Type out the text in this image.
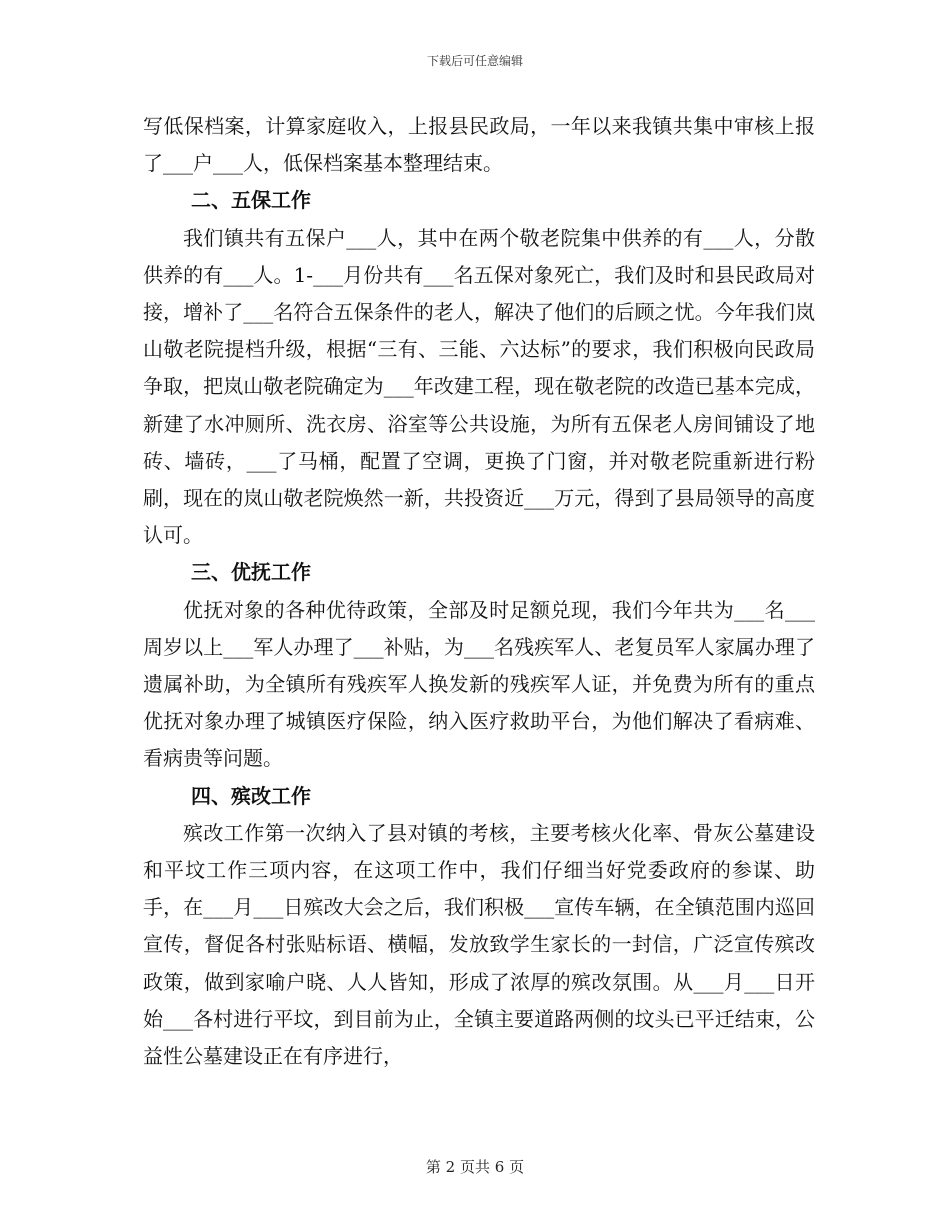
下载后可任意编辑

写低保档案，计算家庭收入，上报县民政局，一年以来我镇共集中审核上报了___户___人，低保档案基本整理结束。

二、五保工作

我们镇共有五保户___人，其中在两个敬老院集中供养的有___人，分散供养的有___人。1-___月份共有___名五保对象死亡，我们及时和县民政局对接，增补了___名符合五保条件的老人，解决了他们的后顾之忧。今年我们岚山敬老院提档升级，根据“三有、三能、六达标”的要求，我们积极向民政局争取，把岚山敬老院确定为___年改建工程，现在敬老院的改造已基本完成，新建了水冲厕所、洗衣房、浴室等公共设施，为所有五保老人房间铺设了地砖、墙砖，___了马桶，配置了空调，更换了门窗，并对敬老院重新进行粉刷，现在的岚山敬老院焕然一新，共投资近___万元，得到了县局领导的高度认可。

三、优抚工作

优抚对象的各种优待政策，全部及时足额兑现，我们今年共为___名___周岁以上___军人办理了___补贴，为___名残疾军人、老复员军人家属办理了遗属补助，为全镇所有残疾军人换发新的残疾军人证，并免费为所有的重点优抚对象办理了城镇医疗保险，纳入医疗救助平台，为他们解决了看病难、看病贵等问题。

四、殡改工作

殡改工作第一次纳入了县对镇的考核，主要考核火化率、骨灰公墓建设和平坟工作三项内容，在这项工作中，我们仔细当好党委政府的参谋、助手，在___月___日殡改大会之后，我们积极___宣传车辆，在全镇范围内巡回宣传，督促各村张贴标语、横幅，发放致学生家长的一封信，广泛宣传殡改政策，做到家喻户晓、人人皆知，形成了浓厚的殡改氛围。从___月___日开始___各村进行平坟，到目前为止，全镇主要道路两侧的坟头已平迁结束，公益性公墓建设正在有序进行，

第 2 页共 6 页
